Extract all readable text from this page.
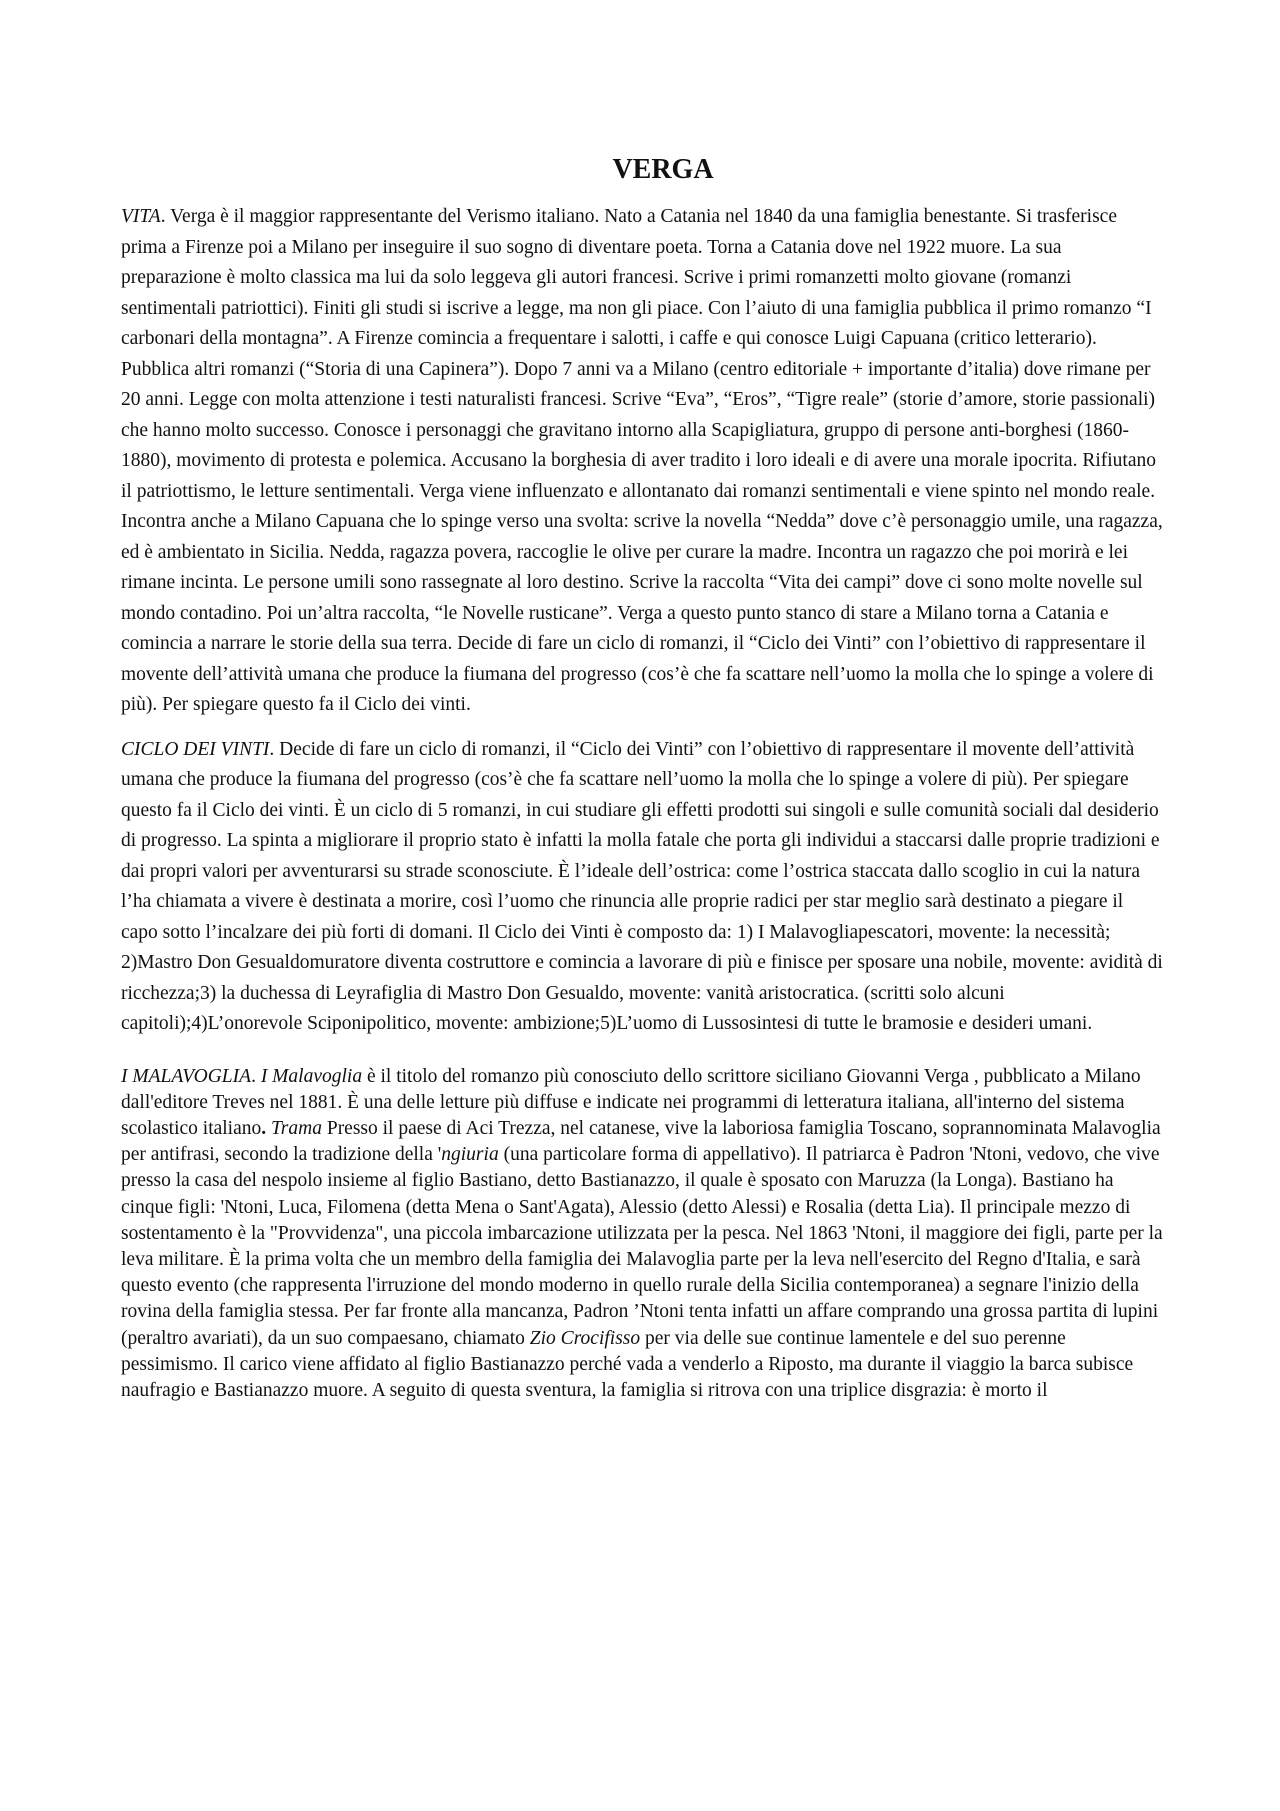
VERGA

VITA. Verga è il maggior rappresentante del Verismo italiano. Nato a Catania nel 1840 da una famiglia benestante. Si trasferisce prima a Firenze poi a Milano per inseguire il suo sogno di diventare poeta. Torna a Catania dove nel 1922 muore. La sua preparazione è molto classica ma lui da solo leggeva gli autori francesi. Scrive i primi romanzetti molto giovane (romanzi sentimentali patriottici). Finiti gli studi si iscrive a legge, ma non gli piace. Con l’aiuto di una famiglia pubblica il primo romanzo “I carbonari della montagna”. A Firenze comincia a frequentare i salotti, i caffe e qui conosce Luigi Capuana (critico letterario). Pubblica altri romanzi (“Storia di una Capinera”). Dopo 7 anni va a Milano (centro editoriale + importante d’italia) dove rimane per 20 anni. Legge con molta attenzione i testi naturalisti francesi. Scrive “Eva”, “Eros”, “Tigre reale” (storie d’amore, storie passionali) che hanno molto successo. Conosce i personaggi che gravitano intorno alla Scapigliatura, gruppo di persone anti-borghesi (1860-1880), movimento di protesta e polemica. Accusano la borghesia di aver tradito i loro ideali e di avere una morale ipocrita. Rifiutano il patriottismo, le letture sentimentali. Verga viene influenzato e allontanato dai romanzi sentimentali e viene spinto nel mondo reale. Incontra anche a Milano Capuana che lo spinge verso una svolta: scrive la novella “Nedda” dove c’è personaggio umile, una ragazza, ed è ambientato in Sicilia. Nedda, ragazza povera, raccoglie le olive per curare la madre. Incontra un ragazzo che poi morirà e lei rimane incinta. Le persone umili sono rassegnate al loro destino. Scrive la raccolta “Vita dei campi” dove ci sono molte novelle sul mondo contadino. Poi un’altra raccolta, “le Novelle rusticane”. Verga a questo punto stanco di stare a Milano torna a Catania e comincia a narrare le storie della sua terra. Decide di fare un ciclo di romanzi, il “Ciclo dei Vinti” con l’obiettivo di rappresentare il movente dell’attività umana che produce la fiumana del progresso (cos’è che fa scattare nell’uomo la molla che lo spinge a volere di più). Per spiegare questo fa il Ciclo dei vinti.

CICLO DEI VINTI. Decide di fare un ciclo di romanzi, il “Ciclo dei Vinti” con l’obiettivo di rappresentare il movente dell’attività umana che produce la fiumana del progresso (cos’è che fa scattare nell’uomo la molla che lo spinge a volere di più). Per spiegare questo fa il Ciclo dei vinti. È un ciclo di 5 romanzi, in cui studiare gli effetti prodotti sui singoli e sulle comunità sociali dal desiderio di progresso. La spinta a migliorare il proprio stato è infatti la molla fatale che porta gli individui a staccarsi dalle proprie tradizioni e dai propri valori per avventurarsi su strade sconosciute. È l’ideale dell’ostrica: come l’ostrica staccata dallo scoglio in cui la natura l’ha chiamata a vivere è destinata a morire, così l’uomo che rinuncia alle proprie radici per star meglio sarà destinato a piegare il capo sotto l’incalzare dei più forti di domani. Il Ciclo dei Vinti è composto da: 1) I Malavogliapescatori, movente: la necessità; 2)Mastro Don Gesualdomuratore diventa costruttore e comincia a lavorare di più e finisce per sposare una nobile, movente: avidità di ricchezza;3) la duchessa di Leyrafiglia di Mastro Don Gesualdo, movente: vanità aristocratica. (scritti solo alcuni capitoli);4)L’onorevole Sciponipolitico, movente: ambizione;5)L’uomo di Lussosintesi di tutte le bramosie e desideri umani.

I MALAVOGLIA. I Malavoglia è il titolo del romanzo più conosciuto dello scrittore siciliano Giovanni Verga , pubblicato a Milano dall'editore Treves nel 1881. È una delle letture più diffuse e indicate nei programmi di letteratura italiana, all'interno del sistema scolastico italiano. Trama Presso il paese di Aci Trezza, nel catanese, vive la laboriosa famiglia Toscano, soprannominata Malavoglia per antifrasi, secondo la tradizione della 'ngiuria (una particolare forma di appellativo). Il patriarca è Padron 'Ntoni, vedovo, che vive presso la casa del nespolo insieme al figlio Bastiano, detto Bastianazzo, il quale è sposato con Maruzza (la Longa). Bastiano ha cinque figli: 'Ntoni, Luca, Filomena (detta Mena o Sant'Agata), Alessio (detto Alessi) e Rosalia (detta Lia). Il principale mezzo di sostentamento è la "Provvidenza", una piccola imbarcazione utilizzata per la pesca. Nel 1863 'Ntoni, il maggiore dei figli, parte per la leva militare. È la prima volta che un membro della famiglia dei Malavoglia parte per la leva nell'esercito del Regno d'Italia, e sarà questo evento (che rappresenta l'irruzione del mondo moderno in quello rurale della Sicilia contemporanea) a segnare l'inizio della rovina della famiglia stessa. Per far fronte alla mancanza, Padron ’Ntoni tenta infatti un affare comprando una grossa partita di lupini (peraltro avariati), da un suo compaesano, chiamato Zio Crocifisso per via delle sue continue lamentele e del suo perenne pessimismo. Il carico viene affidato al figlio Bastianazzo perché vada a venderlo a Riposto, ma durante il viaggio la barca subisce naufragio e Bastianazzo muore. A seguito di questa sventura, la famiglia si ritrova con una triplice disgrazia: è morto il
